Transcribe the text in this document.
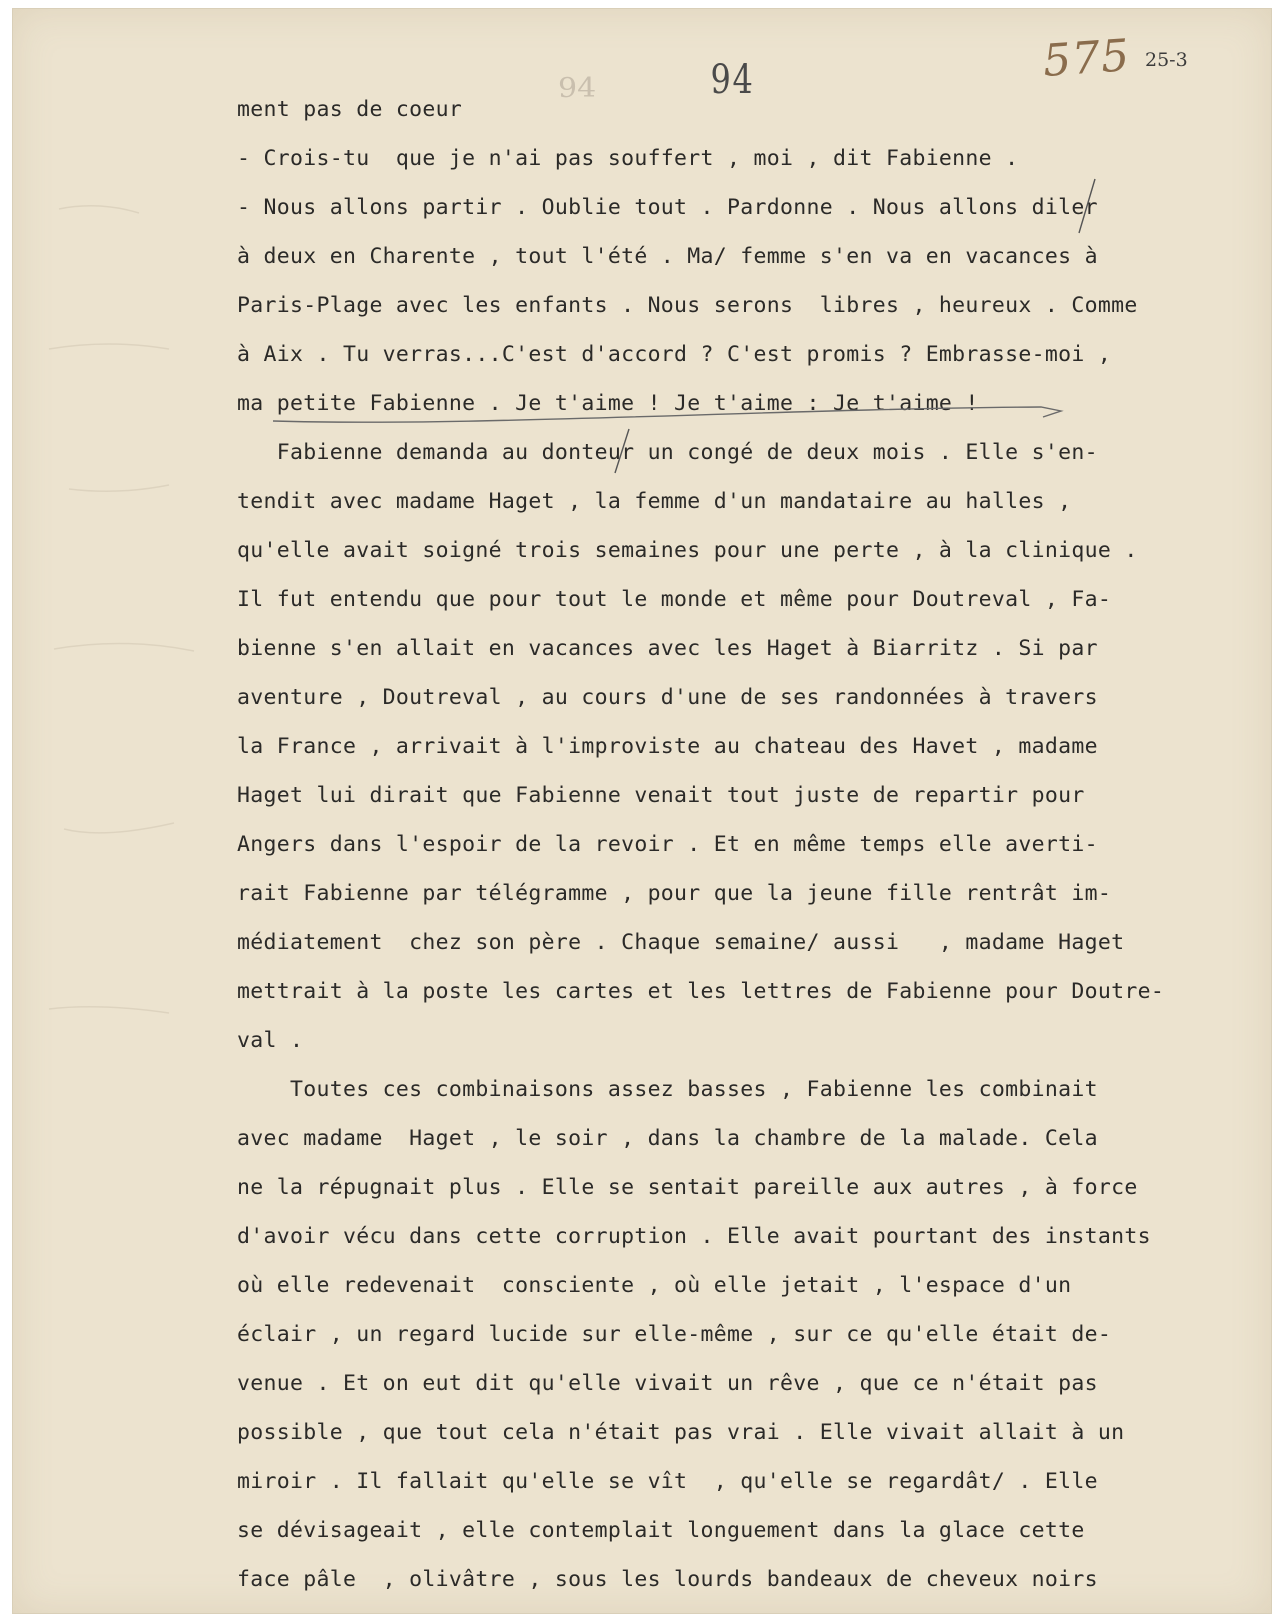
94	94	575 25-3
ment pas de coeur
- Crois-tu  que je n'ai pas souffert , moi , dit Fabienne .
- Nous allons partir . Oublie tout . Pardonne . Nous allons diler
à deux en Charente , tout l'été . Ma/ femme s'en va en vacances à
Paris-Plage avec les enfants . Nous serons  libres , heureux . Comme
à Aix . Tu verras...C'est d'accord ? C'est promis ? Embrasse-moi ,
ma petite Fabienne . Je t'aime ! Je t'aime : Je t'aime !
Fabienne demanda au donteur un congé de deux mois . Elle s'en-
tendit avec madame Haget , la femme d'un mandataire au halles ,
qu'elle avait soigné trois semaines pour une perte , à la clinique .
Il fut entendu que pour tout le monde et même pour Doutreval , Fa-
bienne s'en allait en vacances avec les Haget à Biarritz . Si par
aventure , Doutreval , au cours d'une de ses randonnées à travers
la France , arrivait à l'improviste au chateau des Havet , madame
Haget lui dirait que Fabienne venait tout juste de repartir pour
Angers dans l'espoir de la revoir . Et en même temps elle averti-
rait Fabienne par télégramme , pour que la jeune fille rentrât im-
médiatement  chez son père . Chaque semaine/ aussi   , madame Haget
mettrait à la poste les cartes et les lettres de Fabienne pour Doutre-
val .
Toutes ces combinaisons assez basses , Fabienne les combinait
avec madame  Haget , le soir , dans la chambre de la malade. Cela
ne la répugnait plus . Elle se sentait pareille aux autres , à force
d'avoir vécu dans cette corruption . Elle avait pourtant des instants
où elle redevenait  consciente , où elle jetait , l'espace d'un
éclair , un regard lucide sur elle-même , sur ce qu'elle était de-
venue . Et on eut dit qu'elle vivait un rêve , que ce n'était pas
possible , que tout cela n'était pas vrai . Elle vivait allait à un
miroir . Il fallait qu'elle se vît  , qu'elle se regardât/ . Elle
se dévisageait , elle contemplait longuement dans la glace cette
face pâle  , olivâtre , sous les lourds bandeaux de cheveux noirs
